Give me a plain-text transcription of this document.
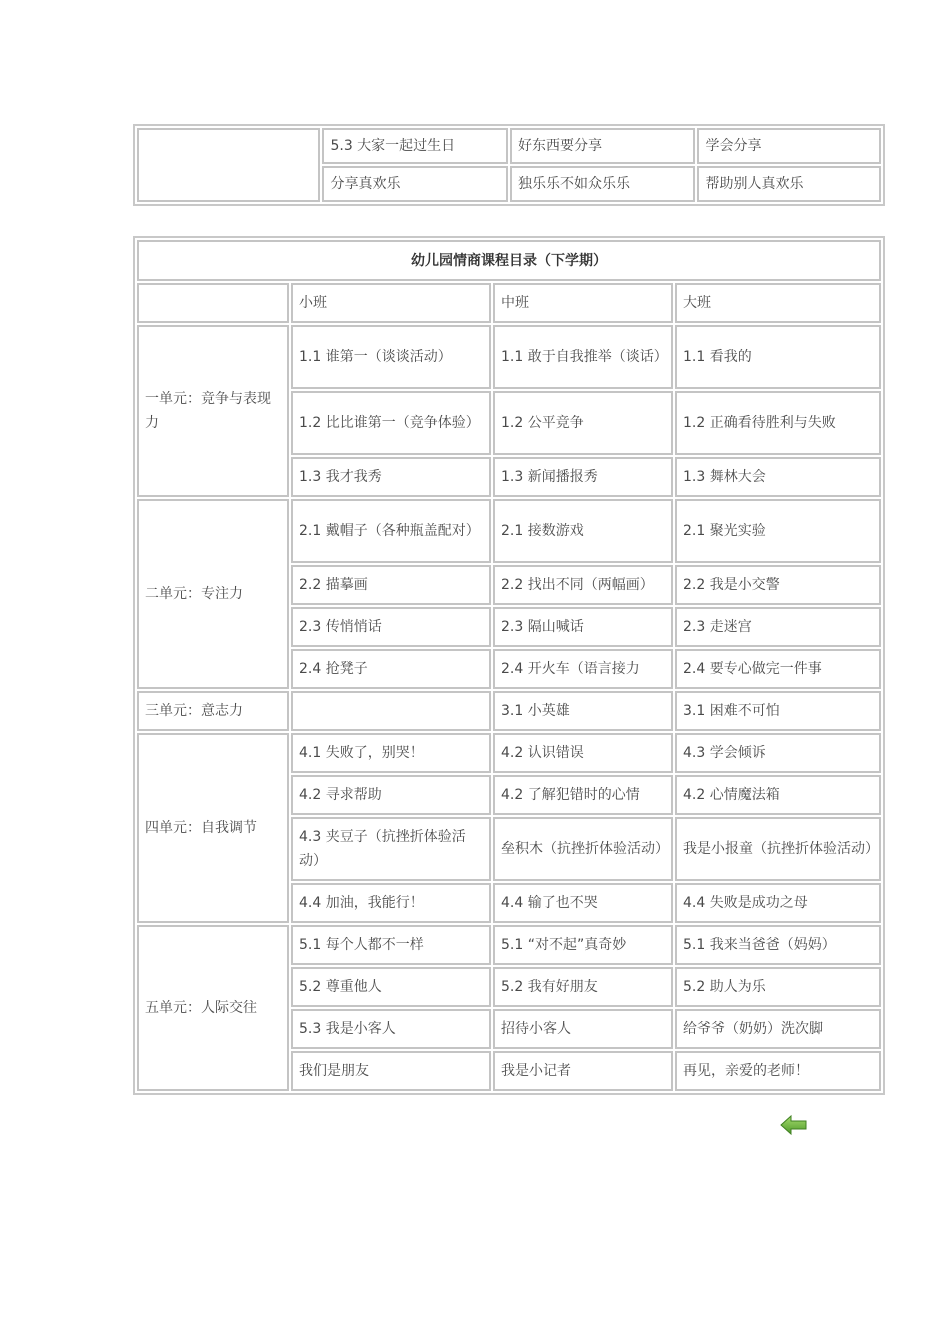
	5.3 大家一起过生日	好东西要分享	学会分享
	分享真欢乐	独乐乐不如众乐乐	帮助别人真欢乐
幼儿园情商课程目录（下学期）			
	小班	中班	大班
一单元：竞争与表现力	1.1 谁第一（谈谈活动）	1.1 敢于自我推举（谈话）	1.1 看我的
	1.2 比比谁第一（竞争体验）	1.2 公平竞争	1.2 正确看待胜利与失败
	1.3 我才我秀	1.3 新闻播报秀	1.3 舞林大会
二单元：专注力	2.1 戴帽子（各种瓶盖配对）	2.1 接数游戏	2.1 聚光实验
	2.2 描摹画	2.2 找出不同（两幅画）	2.2 我是小交警
	2.3 传悄悄话	2.3 隔山喊话	2.3 走迷宫
	2.4 抢凳子	2.4 开火车（语言接力	2.4 要专心做完一件事
三单元：意志力		3.1 小英雄	3.1 困难不可怕
四单元：自我调节	4.1 失败了，别哭！	4.2 认识错误	4.3 学会倾诉
	4.2 寻求帮助	4.2 了解犯错时的心情	4.2 心情魔法箱
	4.3 夹豆子（抗挫折体验活动）	垒积木（抗挫折体验活动）	我是小报童（抗挫折体验活动）
	4.4 加油，我能行！	4.4 输了也不哭	4.4 失败是成功之母
五单元：人际交往	5.1 每个人都不一样	5.1 “对不起”真奇妙	5.1 我来当爸爸（妈妈）
	5.2 尊重他人	5.2 我有好朋友	5.2 助人为乐
	5.3 我是小客人	招待小客人	给爷爷（奶奶）洗次脚
	我们是朋友	我是小记者	再见，亲爱的老师！
